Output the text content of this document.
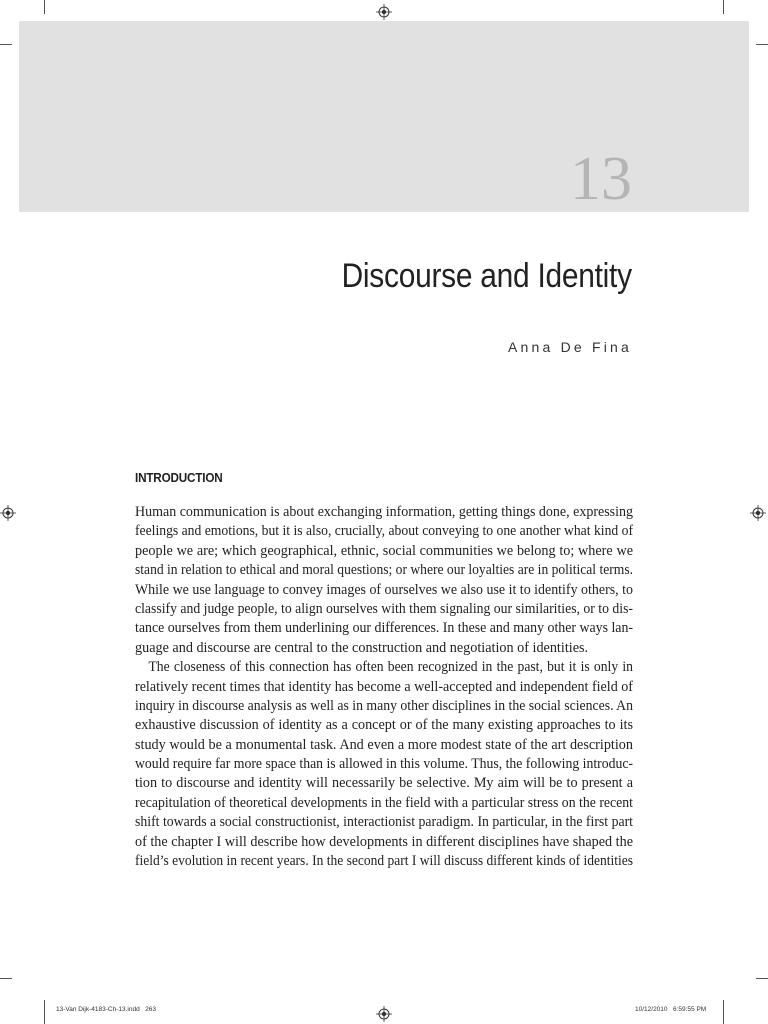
13
Discourse and Identity
Anna De Fina
INTRODUCTION
Human communication is about exchanging information, getting things done, expressing
feelings and emotions, but it is also, crucially, about conveying to one another what kind of
people we are; which geographical, ethnic, social communities we belong to; where we
stand in relation to ethical and moral questions; or where our loyalties are in political terms.
While we use language to convey images of ourselves we also use it to identify others, to
classify and judge people, to align ourselves with them signaling our similarities, or to dis-
tance ourselves from them underlining our differences. In these and many other ways lan-
guage and discourse are central to the construction and negotiation of identities.
The closeness of this connection has often been recognized in the past, but it is only in
relatively recent times that identity has become a well-accepted and independent field of
inquiry in discourse analysis as well as in many other disciplines in the social sciences. An
exhaustive discussion of identity as a concept or of the many existing approaches to its
study would be a monumental task. And even a more modest state of the art description
would require far more space than is allowed in this volume. Thus, the following introduc-
tion to discourse and identity will necessarily be selective. My aim will be to present a
recapitulation of theoretical developments in the field with a particular stress on the recent
shift towards a social constructionist, interactionist paradigm. In particular, in the first part
of the chapter I will describe how developments in different disciplines have shaped the
field’s evolution in recent years. In the second part I will discuss different kinds of identities
13-Van Dijk-4183-Ch-13.indd   263	10/12/2010   6:59:55 PM
